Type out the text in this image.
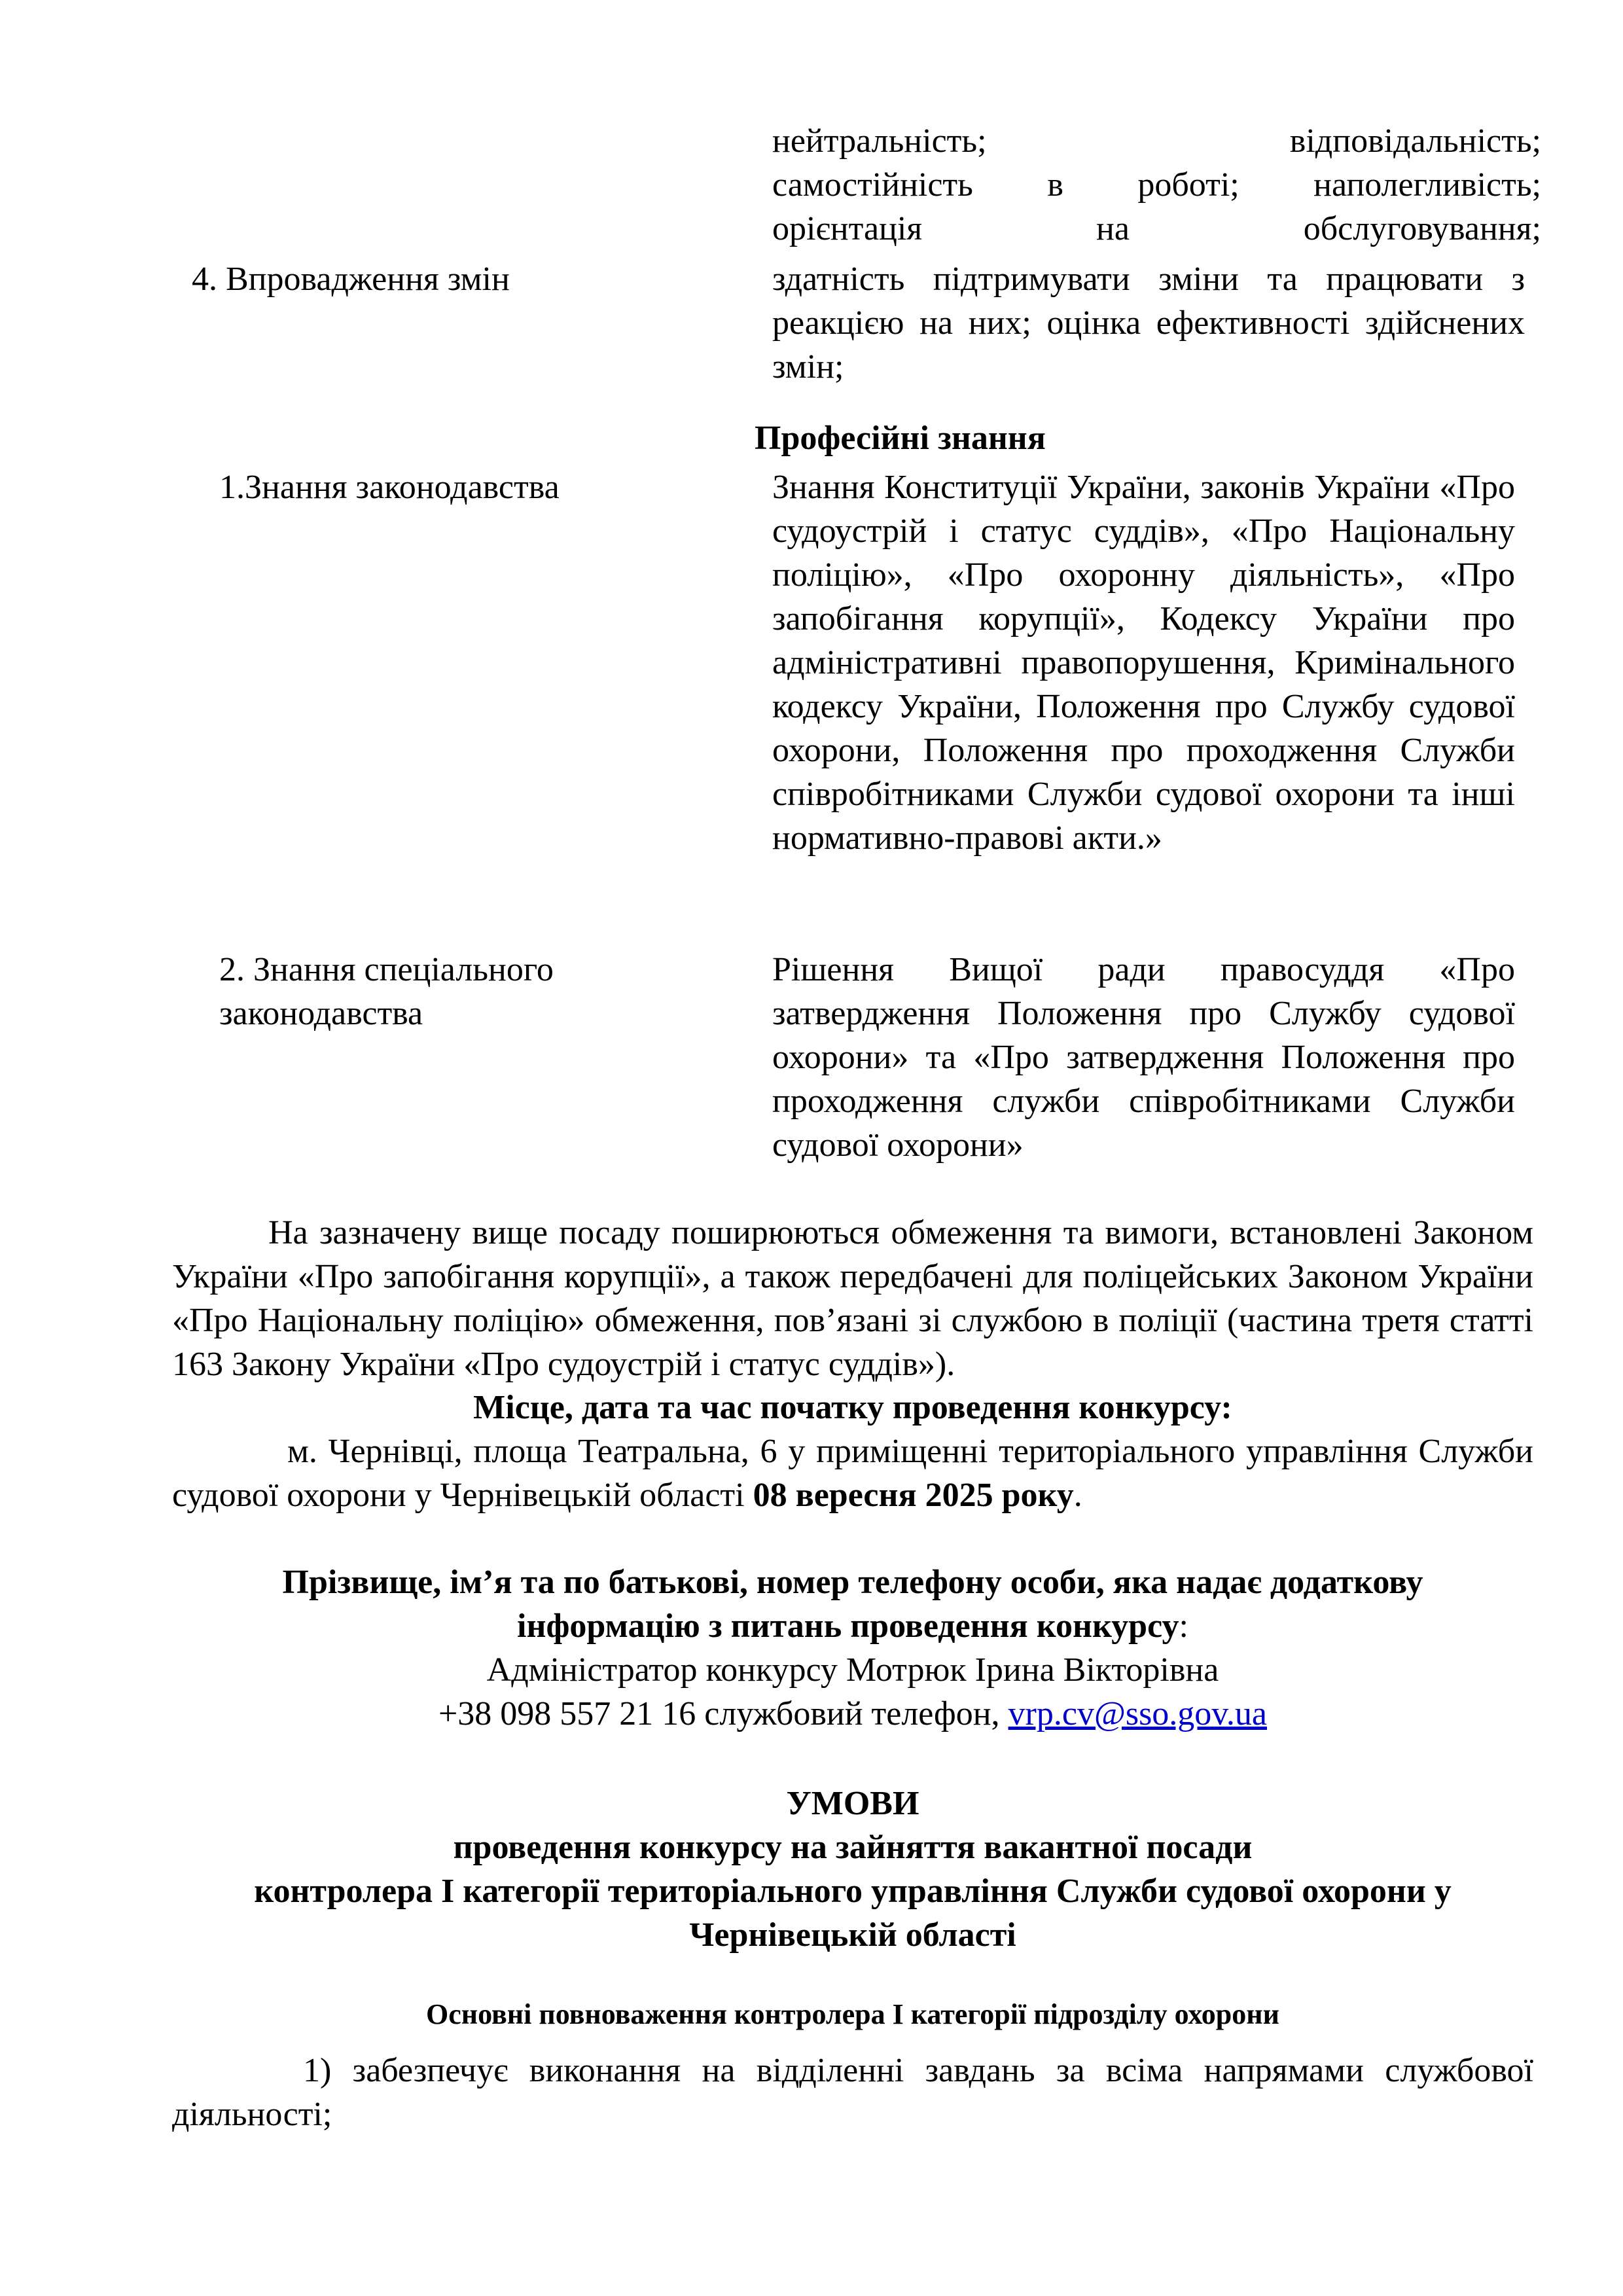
нейтральність; відповідальність;
самостійність в роботі; наполегливість;
орієнтація на обслуговування;
4. Впровадження змін	здатність підтримувати зміни та працювати з реакцією на них; оцінка ефективності здійснених змін;
Професійні знання
1.Знання законодавства	Знання Конституції України, законів України «Про судоустрій і статус суддів», «Про Національну поліцію», «Про охоронну діяльність», «Про запобігання корупції», Кодексу України про адміністративні правопорушення, Кримінального кодексу України, Положення про Службу судової охорони, Положення про проходження Служби співробітниками Служби судової охорони та інші нормативно-правові акти.»
2. Знання спеціального
законодавства
Рішення Вищої ради правосуддя «Про затвердження Положення про Службу судової охорони» та «Про затвердження Положення про проходження служби співробітниками Служби судової охорони»
На зазначену вище посаду поширюються обмеження та вимоги, встановлені Законом України «Про запобігання корупції», а також передбачені для поліцейських Законом України «Про Національну поліцію» обмеження, пов’язані зі службою в поліції (частина третя статті 163 Закону України «Про судоустрій і статус суддів»).
Місце, дата та час початку проведення конкурсу:
м. Чернівці, площа Театральна, 6 у приміщенні територіального управління Служби судової охорони у Чернівецькій області 08 вересня 2025 року.
Прізвище, ім’я та по батькові, номер телефону особи, яка надає додаткову
інформацію з питань проведення конкурсу:
Адміністратор конкурсу Мотрюк Ірина Вікторівна
+38 098 557 21 16 службовий телефон, vrp.cv@sso.gov.ua
УМОВИ
проведення конкурсу на зайняття вакантної посади
контролера І категорії територіального управління Служби судової охорони у
Чернівецькій області
Основні повноваження контролера І категорії підрозділу охорони
1) забезпечує виконання на відділенні завдань за всіма напрямами службової діяльності;
